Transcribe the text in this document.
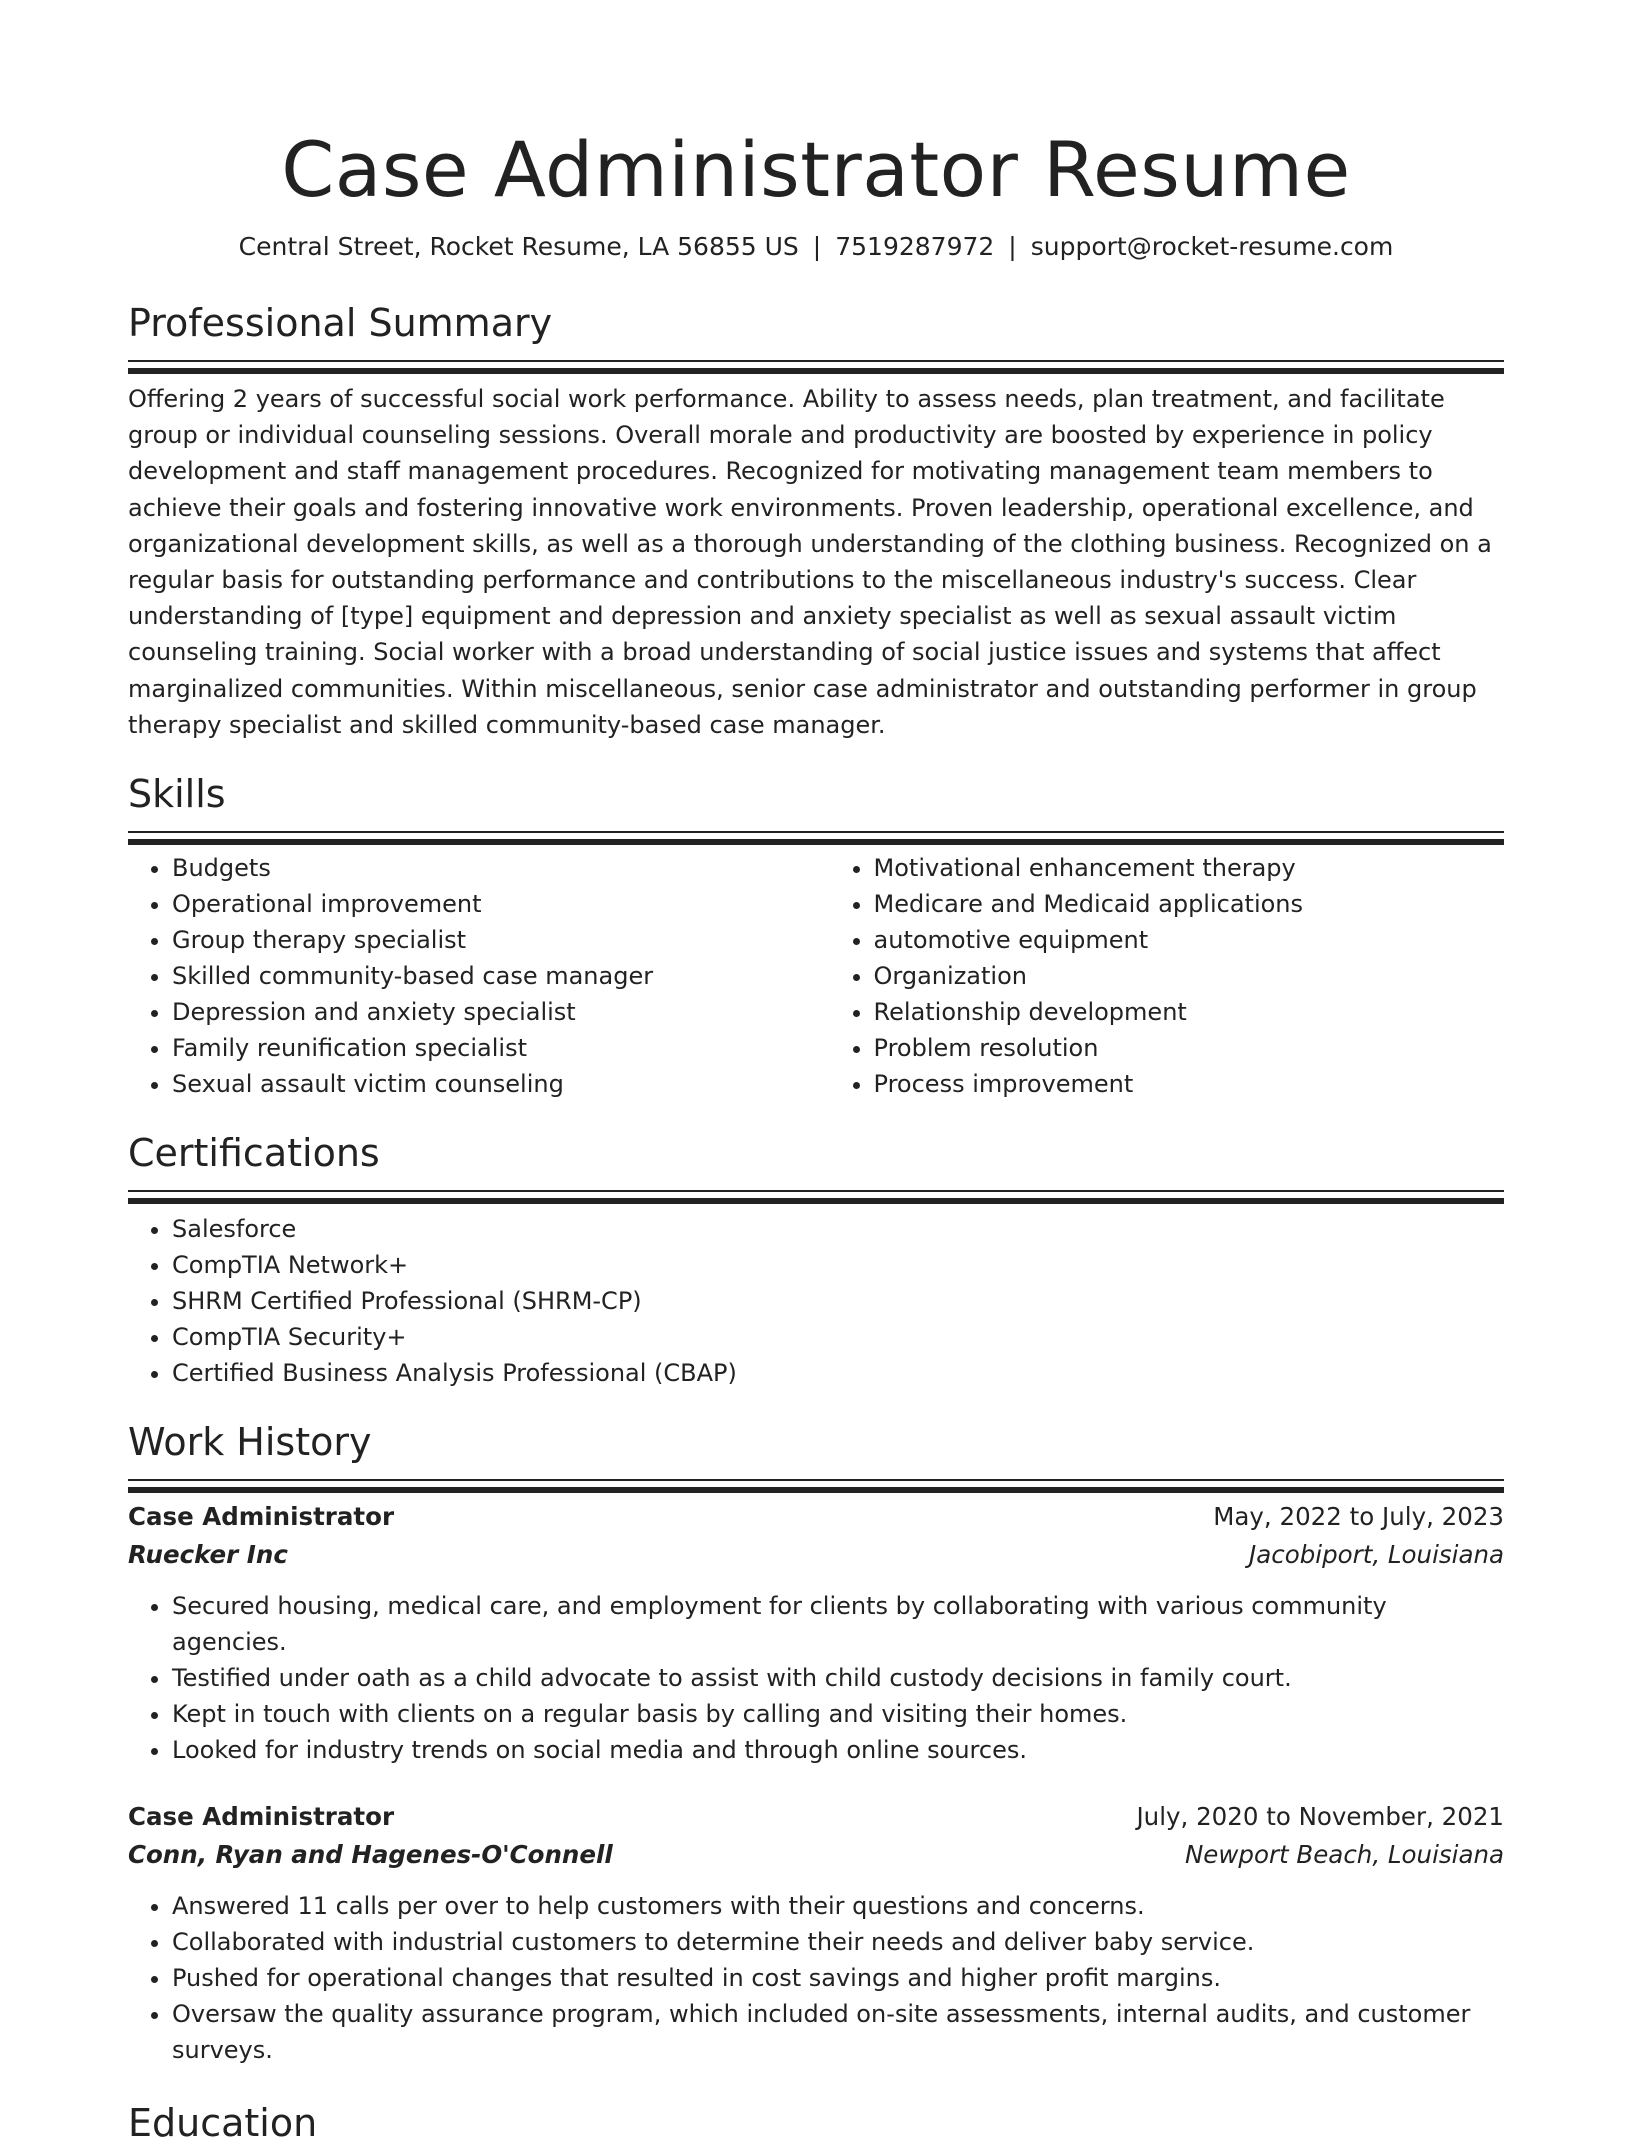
Case Administrator Resume
Central Street, Rocket Resume, LA 56855 US | 7519287972 | support@rocket-resume.com
Professional Summary

Offering 2 years of successful social work performance. Ability to assess needs, plan treatment, and facilitate group or individual counseling sessions. Overall morale and productivity are boosted by experience in policy development and staff management procedures. Recognized for motivating management team members to achieve their goals and fostering innovative work environments. Proven leadership, operational excellence, and organizational development skills, as well as a thorough understanding of the clothing business. Recognized on a regular basis for outstanding performance and contributions to the miscellaneous industry's success. Clear understanding of [type] equipment and depression and anxiety specialist as well as sexual assault victim counseling training. Social worker with a broad understanding of social justice issues and systems that affect marginalized communities. Within miscellaneous, senior case administrator and outstanding performer in group therapy specialist and skilled community-based case manager.

Skills
• Budgets
• Operational improvement
• Group therapy specialist
• Skilled community-based case manager
• Depression and anxiety specialist
• Family reunification specialist
• Sexual assault victim counseling
• Motivational enhancement therapy
• Medicare and Medicaid applications
• automotive equipment
• Organization
• Relationship development
• Problem resolution
• Process improvement
Certifications
• Salesforce
• CompTIA Network+
• SHRM Certified Professional (SHRM-CP)
• CompTIA Security+
• Certified Business Analysis Professional (CBAP)
Work History
Case Administrator	May, 2022 to July, 2023
Ruecker Inc	Jacobiport, Louisiana
• Secured housing, medical care, and employment for clients by collaborating with various community agencies.
• Testified under oath as a child advocate to assist with child custody decisions in family court.
• Kept in touch with clients on a regular basis by calling and visiting their homes.
• Looked for industry trends on social media and through online sources.
Case Administrator	July, 2020 to November, 2021
Conn, Ryan and Hagenes-O'Connell	Newport Beach, Louisiana
• Answered 11 calls per over to help customers with their questions and concerns.
• Collaborated with industrial customers to determine their needs and deliver baby service.
• Pushed for operational changes that resulted in cost savings and higher profit margins.
• Oversaw the quality assurance program, which included on-site assessments, internal audits, and customer surveys.
Education
